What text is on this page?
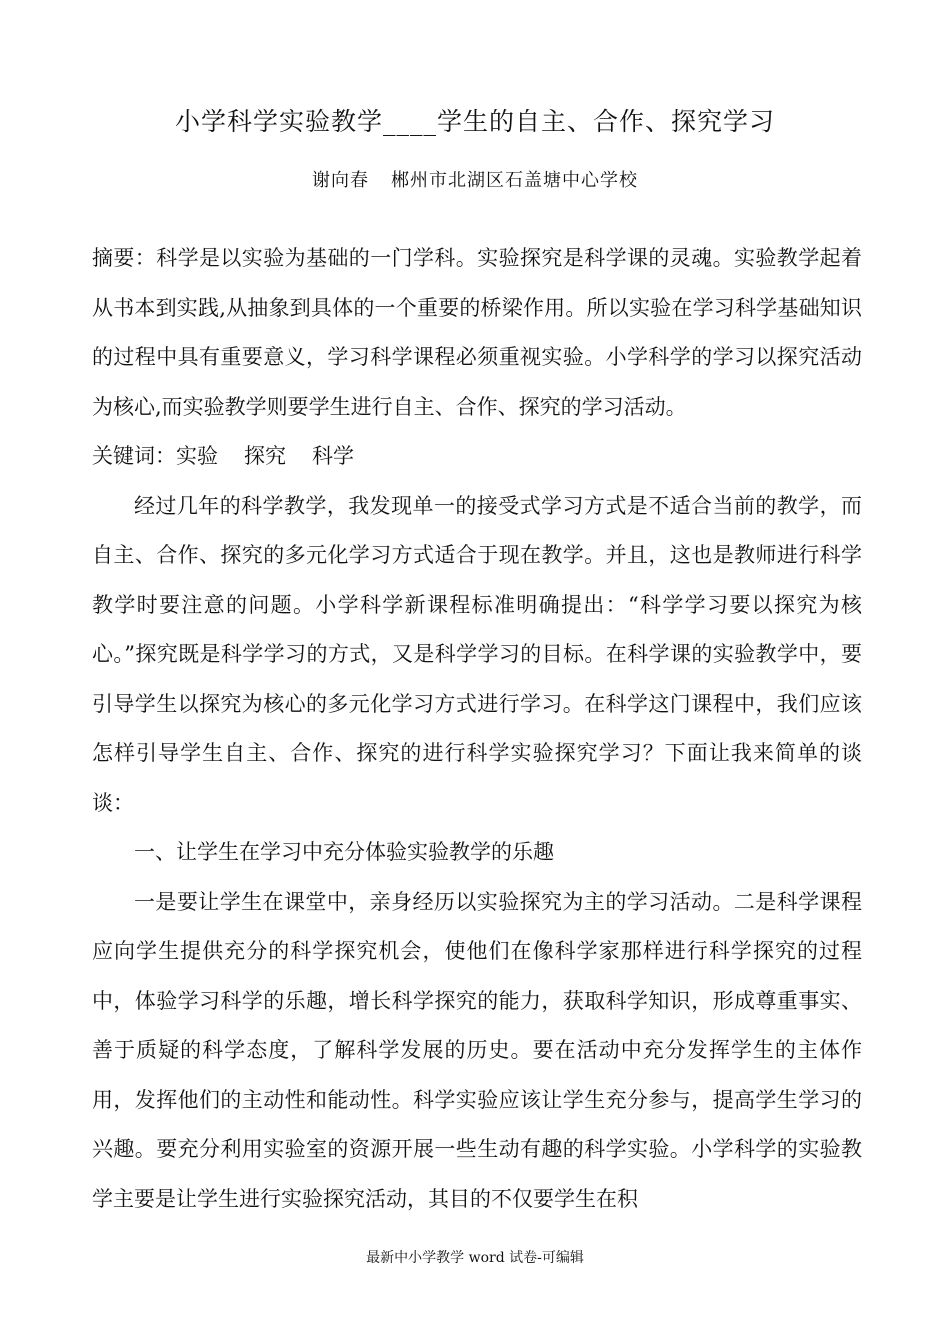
小学科学实验教学____学生的自主、合作、探究学习
谢向春 郴州市北湖区石盖塘中心学校

摘要：科学是以实验为基础的一门学科。实验探究是科学课的灵魂。实验教学起着从书本到实践,从抽象到具体的一个重要的桥梁作用。所以实验在学习科学基础知识的过程中具有重要意义，学习科学课程必须重视实验。小学科学的学习以探究活动为核心,而实验教学则要学生进行自主、合作、探究的学习活动。

关键词：实验 探究 科学

经过几年的科学教学，我发现单一的接受式学习方式是不适合当前的教学，而自主、合作、探究的多元化学习方式适合于现在教学。并且，这也是教师进行科学教学时要注意的问题。小学科学新课程标准明确提出：“科学学习要以探究为核心。”探究既是科学学习的方式，又是科学学习的目标。在科学课的实验教学中，要引导学生以探究为核心的多元化学习方式进行学习。在科学这门课程中，我们应该怎样引导学生自主、合作、探究的进行科学实验探究学习？下面让我来简单的谈谈：

一、让学生在学习中充分体验实验教学的乐趣

一是要让学生在课堂中，亲身经历以实验探究为主的学习活动。二是科学课程应向学生提供充分的科学探究机会，使他们在像科学家那样进行科学探究的过程中，体验学习科学的乐趣，增长科学探究的能力，获取科学知识，形成尊重事实、善于质疑的科学态度，了解科学发展的历史。要在活动中充分发挥学生的主体作用，发挥他们的主动性和能动性。科学实验应该让学生充分参与，提高学生学习的兴趣。要充分利用实验室的资源开展一些生动有趣的科学实验。小学科学的实验教学主要是让学生进行实验探究活动，其目的不仅要学生在积

最新中小学教学 word 试卷-可编辑
